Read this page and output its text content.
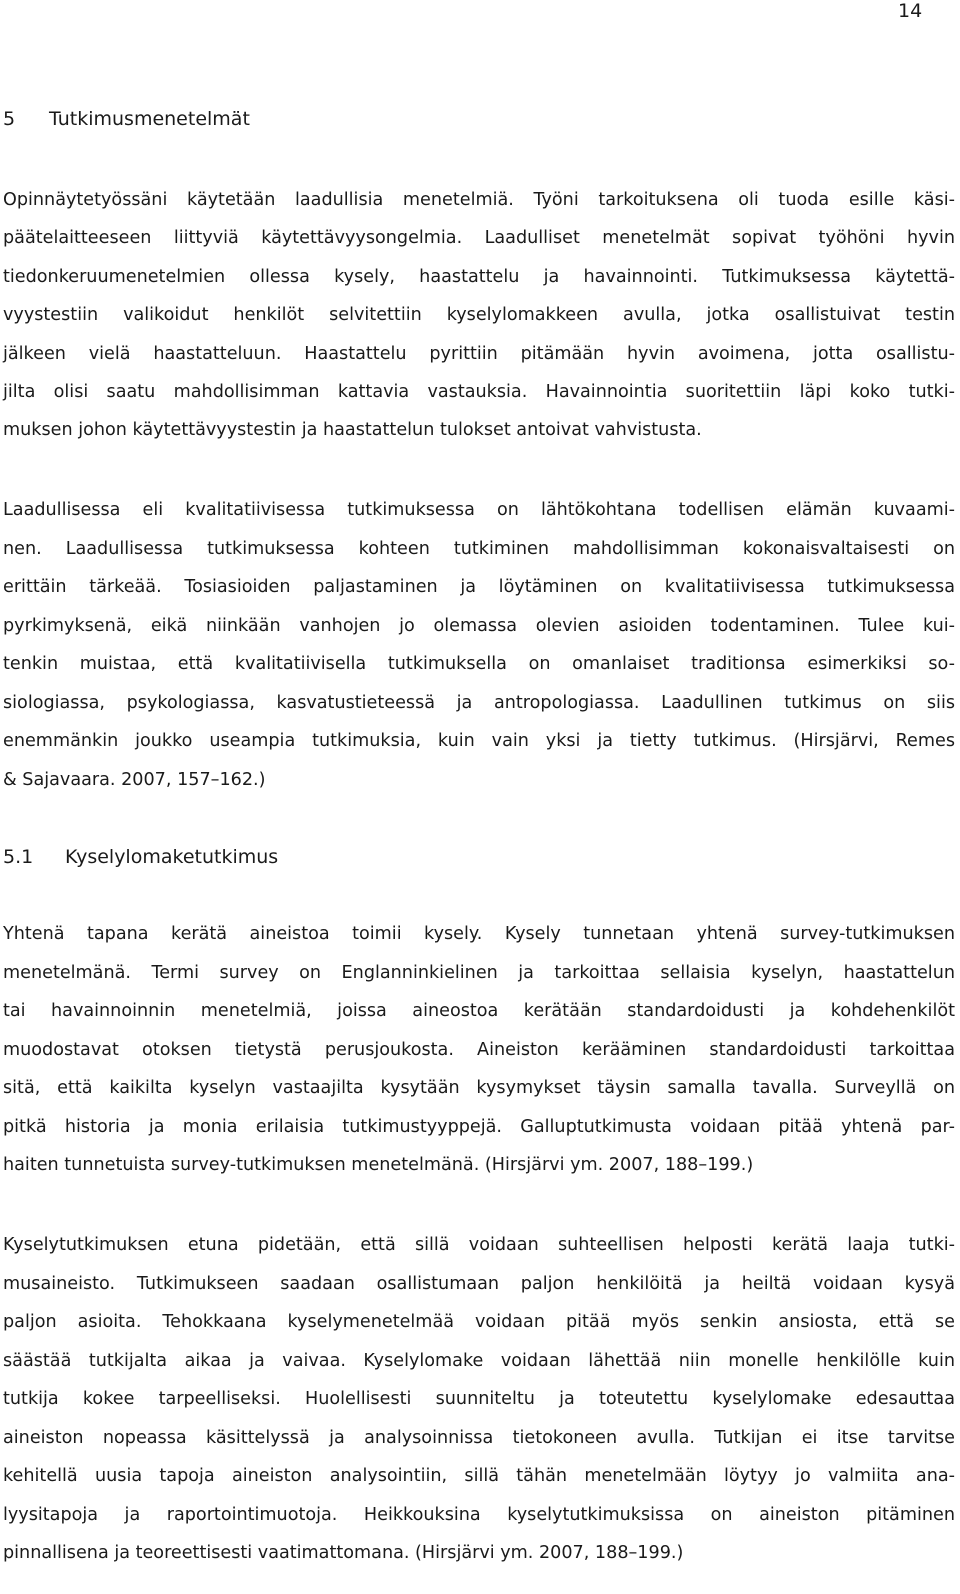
14
5 Tutkimusmenetelmät
Opinnäytetyössäni käytetään laadullisia menetelmiä. Työni tarkoituksena oli tuoda esille käsi-
päätelaitteeseen liittyviä käytettävyysongelmia. Laadulliset menetelmät sopivat työhöni hyvin
tiedonkeruumenetelmien ollessa kysely, haastattelu ja havainnointi. Tutkimuksessa käytettä-
vyystestiin valikoidut henkilöt selvitettiin kyselylomakkeen avulla, jotka osallistuivat testin
jälkeen vielä haastatteluun. Haastattelu pyrittiin pitämään hyvin avoimena, jotta osallistu-
jilta olisi saatu mahdollisimman kattavia vastauksia. Havainnointia suoritettiin läpi koko tutki-
muksen johon käytettävyystestin ja haastattelun tulokset antoivat vahvistusta.
Laadullisessa eli kvalitatiivisessa tutkimuksessa on lähtökohtana todellisen elämän kuvaami-
nen. Laadullisessa tutkimuksessa kohteen tutkiminen mahdollisimman kokonaisvaltaisesti on
erittäin tärkeää. Tosiasioiden paljastaminen ja löytäminen on kvalitatiivisessa tutkimuksessa
pyrkimyksenä, eikä niinkään vanhojen jo olemassa olevien asioiden todentaminen. Tulee kui-
tenkin muistaa, että kvalitatiivisella tutkimuksella on omanlaiset traditionsa esimerkiksi so-
siologiassa, psykologiassa, kasvatustieteessä ja antropologiassa. Laadullinen tutkimus on siis
enemmänkin joukko useampia tutkimuksia, kuin vain yksi ja tietty tutkimus. (Hirsjärvi, Remes
& Sajavaara. 2007, 157–162.)
5.1 Kyselylomaketutkimus
Yhtenä tapana kerätä aineistoa toimii kysely. Kysely tunnetaan yhtenä survey-tutkimuksen
menetelmänä. Termi survey on Englanninkielinen ja tarkoittaa sellaisia kyselyn, haastattelun
tai havainnoinnin menetelmiä, joissa aineostoa kerätään standardoidusti ja kohdehenkilöt
muodostavat otoksen tietystä perusjoukosta. Aineiston kerääminen standardoidusti tarkoittaa
sitä, että kaikilta kyselyn vastaajilta kysytään kysymykset täysin samalla tavalla. Surveyllä on
pitkä historia ja monia erilaisia tutkimustyyppejä. Galluptutkimusta voidaan pitää yhtenä par-
haiten tunnetuista survey-tutkimuksen menetelmänä. (Hirsjärvi ym. 2007, 188–199.)
Kyselytutkimuksen etuna pidetään, että sillä voidaan suhteellisen helposti kerätä laaja tutki-
musaineisto. Tutkimukseen saadaan osallistumaan paljon henkilöitä ja heiltä voidaan kysyä
paljon asioita. Tehokkaana kyselymenetelmää voidaan pitää myös senkin ansiosta, että se
säästää tutkijalta aikaa ja vaivaa. Kyselylomake voidaan lähettää niin monelle henkilölle kuin
tutkija kokee tarpeelliseksi. Huolellisesti suunniteltu ja toteutettu kyselylomake edesauttaa
aineiston nopeassa käsittelyssä ja analysoinnissa tietokoneen avulla. Tutkijan ei itse tarvitse
kehitellä uusia tapoja aineiston analysointiin, sillä tähän menetelmään löytyy jo valmiita ana-
lyysitapoja ja raportointimuotoja. Heikkouksina kyselytutkimuksissa on aineiston pitäminen
pinnallisena ja teoreettisesti vaatimattomana. (Hirsjärvi ym. 2007, 188–199.)
